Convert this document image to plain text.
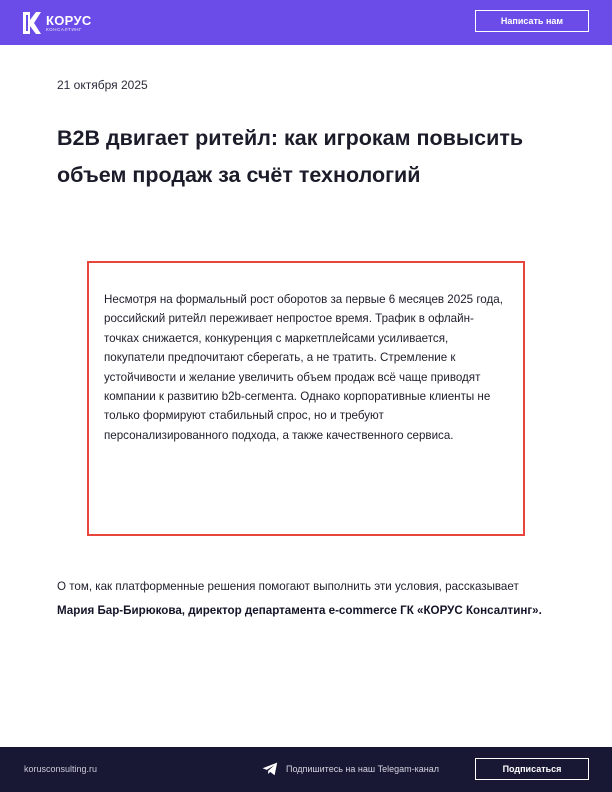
КОРУС
КОНСАЛТИНГ
Написать нам
21 октября 2025
B2B двигает ритейл: как игрокам повысить объем продаж за счёт технологий
Несмотря на формальный рост оборотов за первые 6 месяцев 2025 года, российский ритейл переживает непростое время. Трафик в офлайн-точках снижается, конкуренция с маркетплейсами усиливается, покупатели предпочитают сберегать, а не тратить. Стремление к устойчивости и желание увеличить объем продаж всё чаще приводят компании к развитию b2b-сегмента. Однако корпоративные клиенты не только формируют стабильный спрос, но и требуют персонализированного подхода, а также качественного сервиса.
О том, как платформенные решения помогают выполнить эти условия, рассказывает Мария Бар-Бирюкова, директор департамента e-commerce ГК «КОРУС Консалтинг».
korusconsulting.ru	Подпишитесь на наш Telegam-канал	Подписаться
